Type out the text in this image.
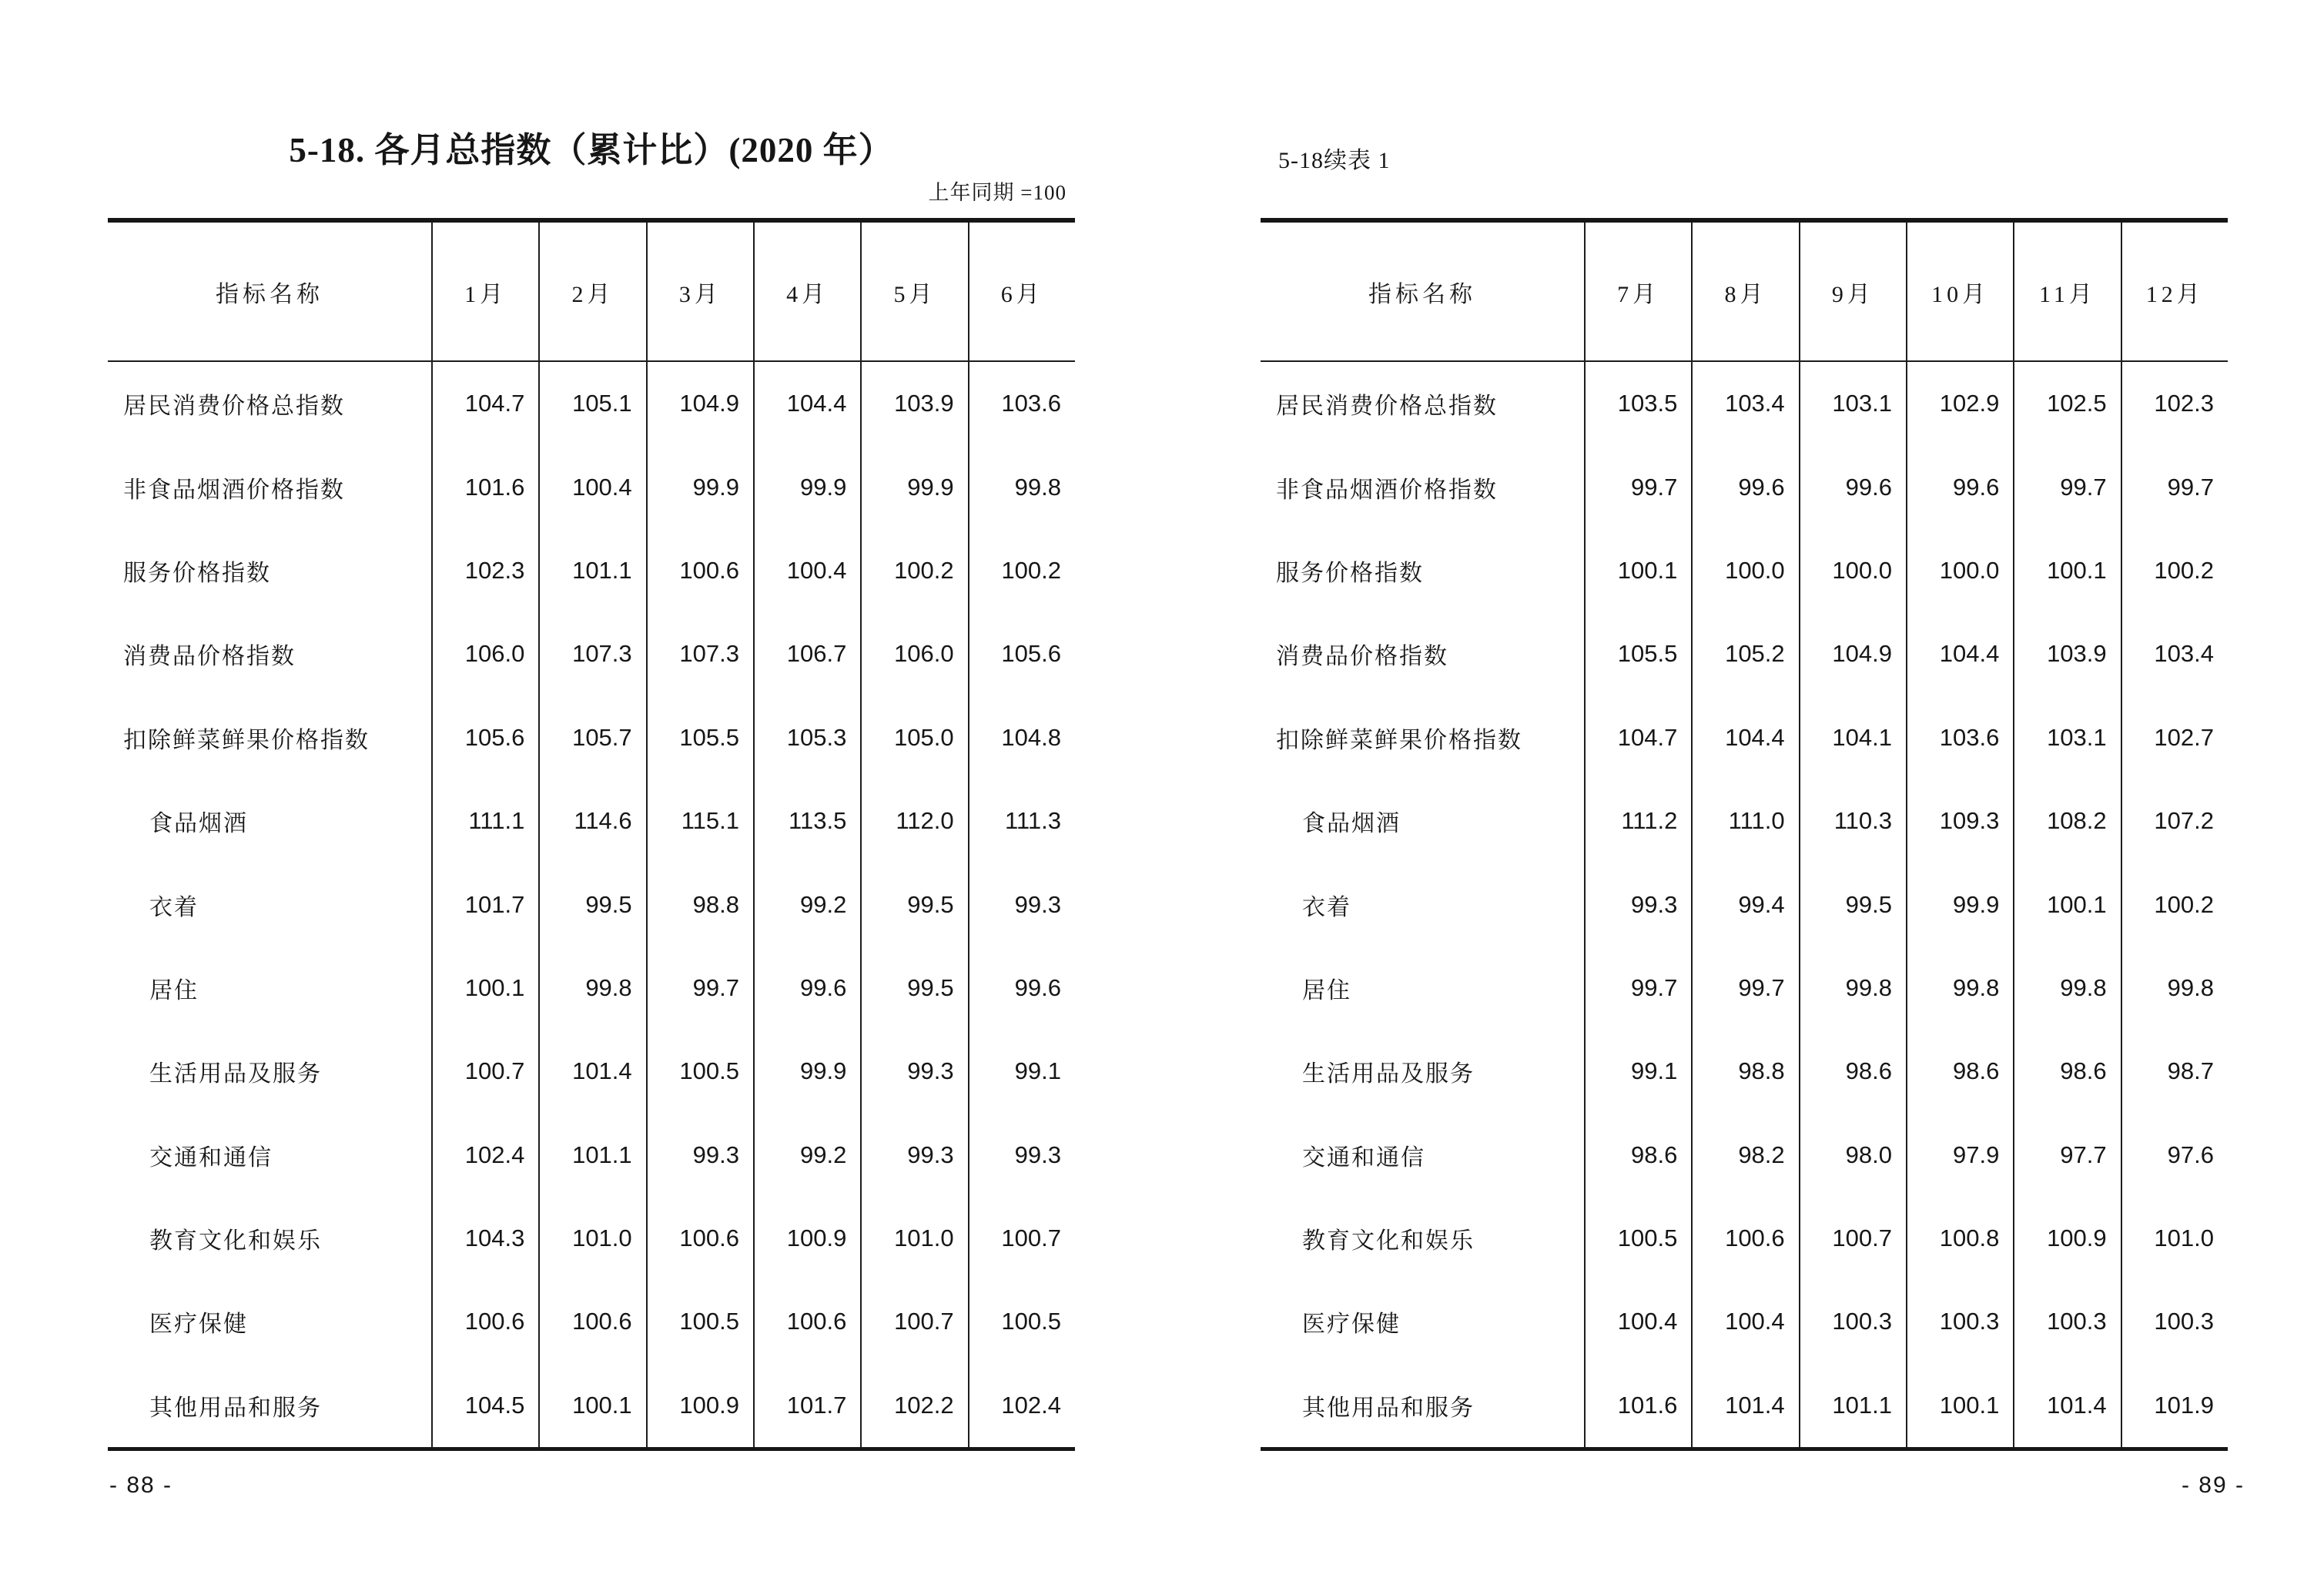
5-18. 各月总指数（累计比）(2020 年）
上年同期 =100
5-18续表 1
指标名称	1月	2月	3月	4月	5月	6月
居民消费价格总指数	104.7	105.1	104.9	104.4	103.9	103.6
非食品烟酒价格指数	101.6	100.4	99.9	99.9	99.9	99.8
服务价格指数	102.3	101.1	100.6	100.4	100.2	100.2
消费品价格指数	106.0	107.3	107.3	106.7	106.0	105.6
扣除鲜菜鲜果价格指数	105.6	105.7	105.5	105.3	105.0	104.8
食品烟酒	111.1	114.6	115.1	113.5	112.0	111.3
衣着	101.7	99.5	98.8	99.2	99.5	99.3
居住	100.1	99.8	99.7	99.6	99.5	99.6
生活用品及服务	100.7	101.4	100.5	99.9	99.3	99.1
交通和通信	102.4	101.1	99.3	99.2	99.3	99.3
教育文化和娱乐	104.3	101.0	100.6	100.9	101.0	100.7
医疗保健	100.6	100.6	100.5	100.6	100.7	100.5
其他用品和服务	104.5	100.1	100.9	101.7	102.2	102.4
指标名称	7月	8月	9月	10月	11月	12月
居民消费价格总指数	103.5	103.4	103.1	102.9	102.5	102.3
非食品烟酒价格指数	99.7	99.6	99.6	99.6	99.7	99.7
服务价格指数	100.1	100.0	100.0	100.0	100.1	100.2
消费品价格指数	105.5	105.2	104.9	104.4	103.9	103.4
扣除鲜菜鲜果价格指数	104.7	104.4	104.1	103.6	103.1	102.7
食品烟酒	111.2	111.0	110.3	109.3	108.2	107.2
衣着	99.3	99.4	99.5	99.9	100.1	100.2
居住	99.7	99.7	99.8	99.8	99.8	99.8
生活用品及服务	99.1	98.8	98.6	98.6	98.6	98.7
交通和通信	98.6	98.2	98.0	97.9	97.7	97.6
教育文化和娱乐	100.5	100.6	100.7	100.8	100.9	101.0
医疗保健	100.4	100.4	100.3	100.3	100.3	100.3
其他用品和服务	101.6	101.4	101.1	100.1	101.4	101.9
- 88 -	- 89 -
